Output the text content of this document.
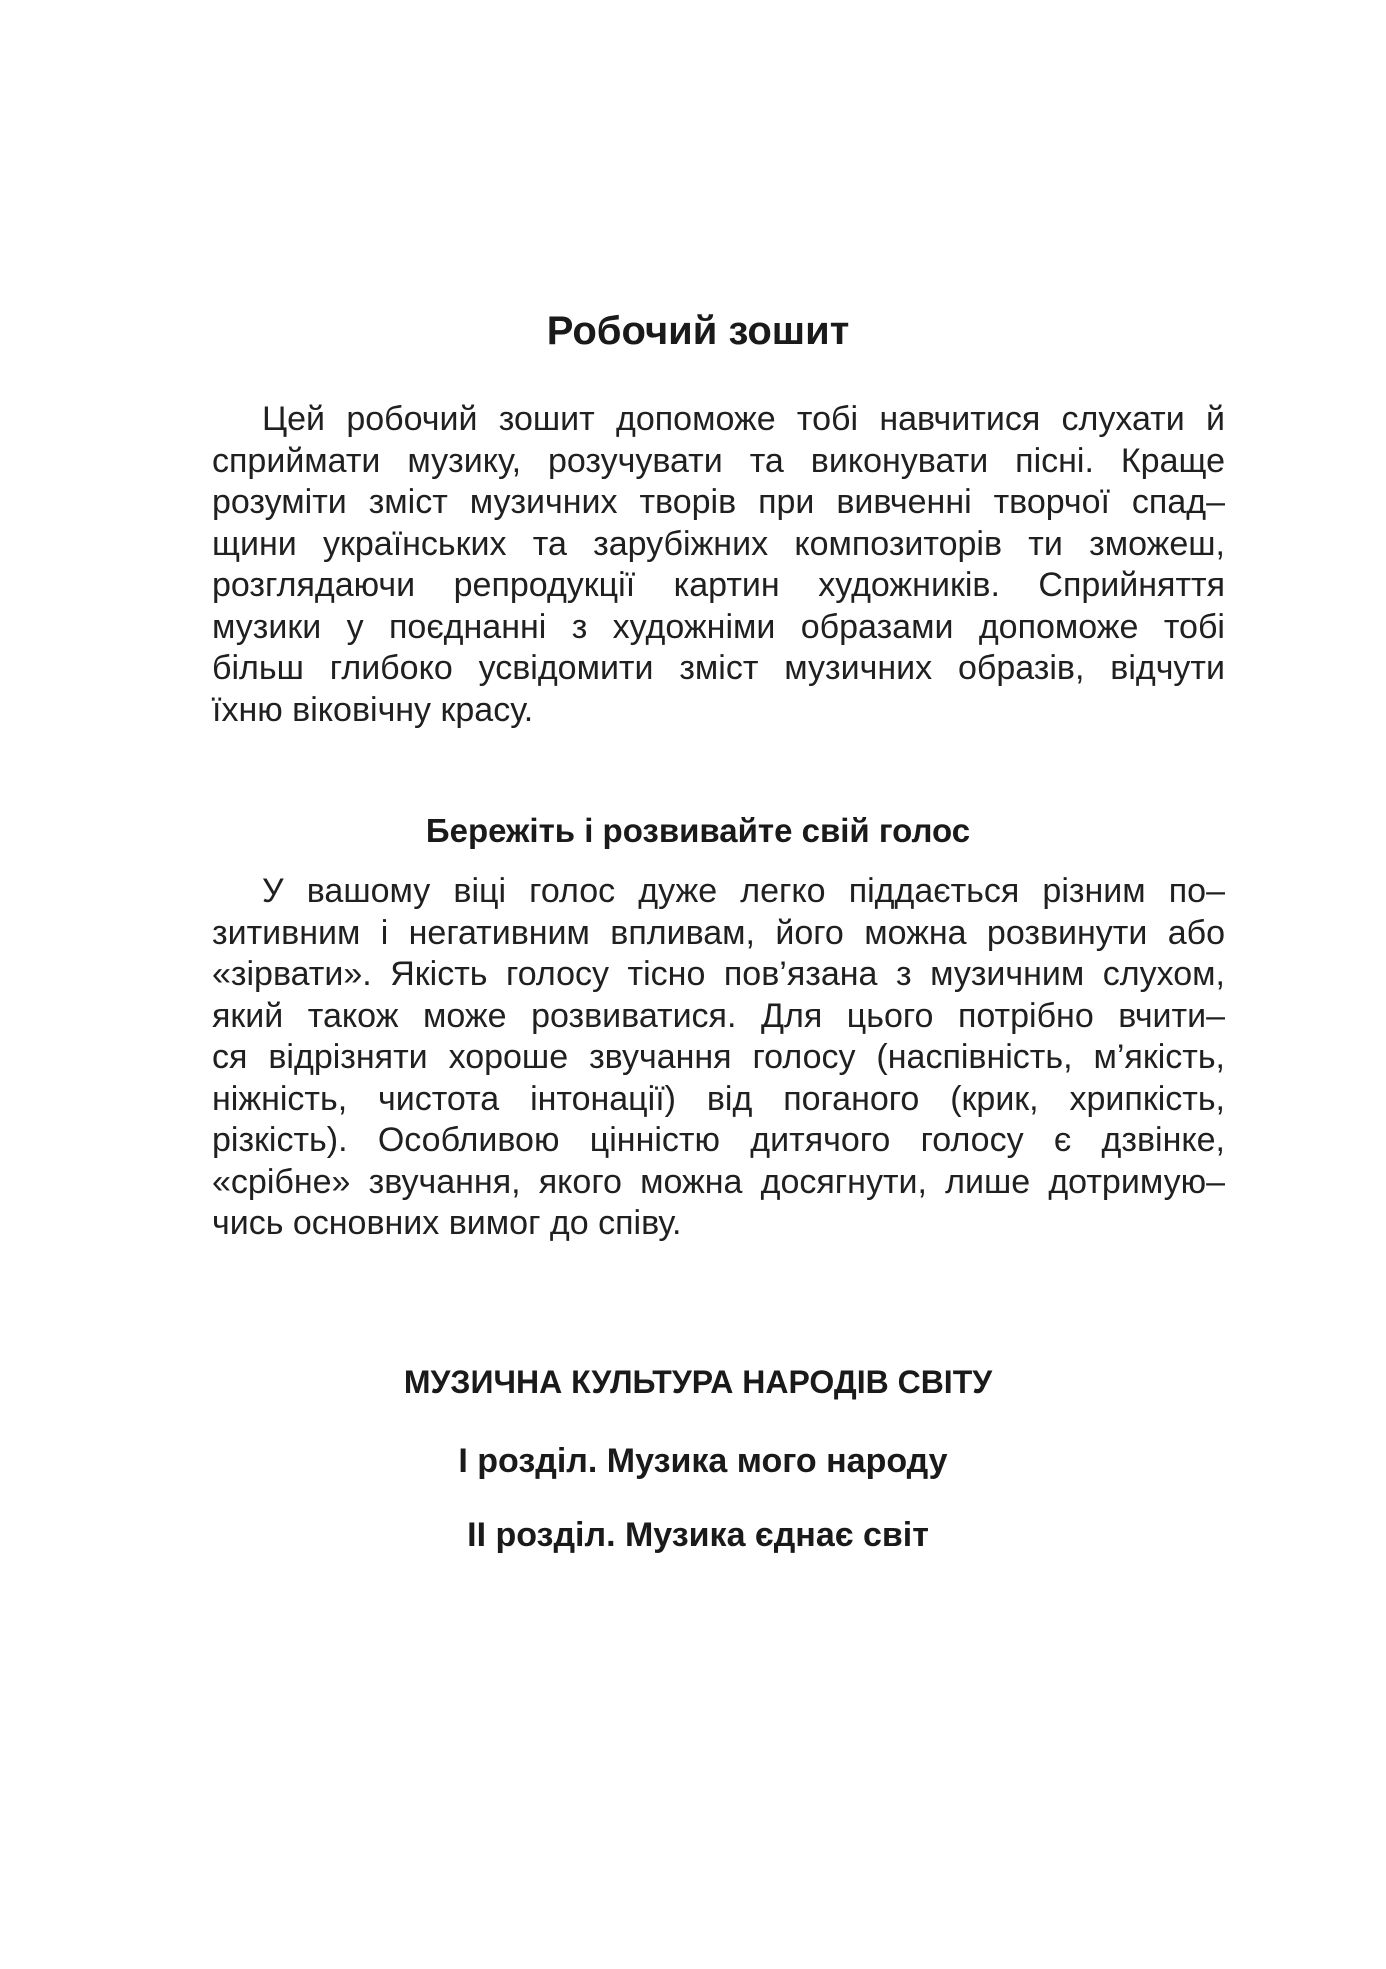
Робочий зошит
Цей робочий зошит допоможе тобі навчитися слухати й
сприймати музику, розучувати та виконувати пісні. Краще
розуміти зміст музичних творів при вивченні творчої спад–
щини українських та зарубіжних композиторів ти зможеш,
розглядаючи репродукції картин художників. Сприйняття
музики у поєднанні з художніми образами допоможе тобі
більш глибоко усвідомити зміст музичних образів, відчути
їхню віковічну красу.
Бережіть і розвивайте свій голос
У вашому віці голос дуже легко піддається різним по–
зитивним і негативним впливам, його можна розвинути або
«зірвати». Якість голосу тісно пов’язана з музичним слухом,
який також може розвиватися. Для цього потрібно вчити–
ся відрізняти хороше звучання голосу (наспівність, м’якість,
ніжність, чистота інтонації) від поганого (крик, хрипкість,
різкість). Особливою цінністю дитячого голосу є дзвінке,
«срібне» звучання, якого можна досягнути, лише дотримую–
чись основних вимог до співу.
МУЗИЧНА КУЛЬТУРА НАРОДІВ СВІТУ
І розділ. Музика мого народу
ІІ розділ. Музика єднає світ
